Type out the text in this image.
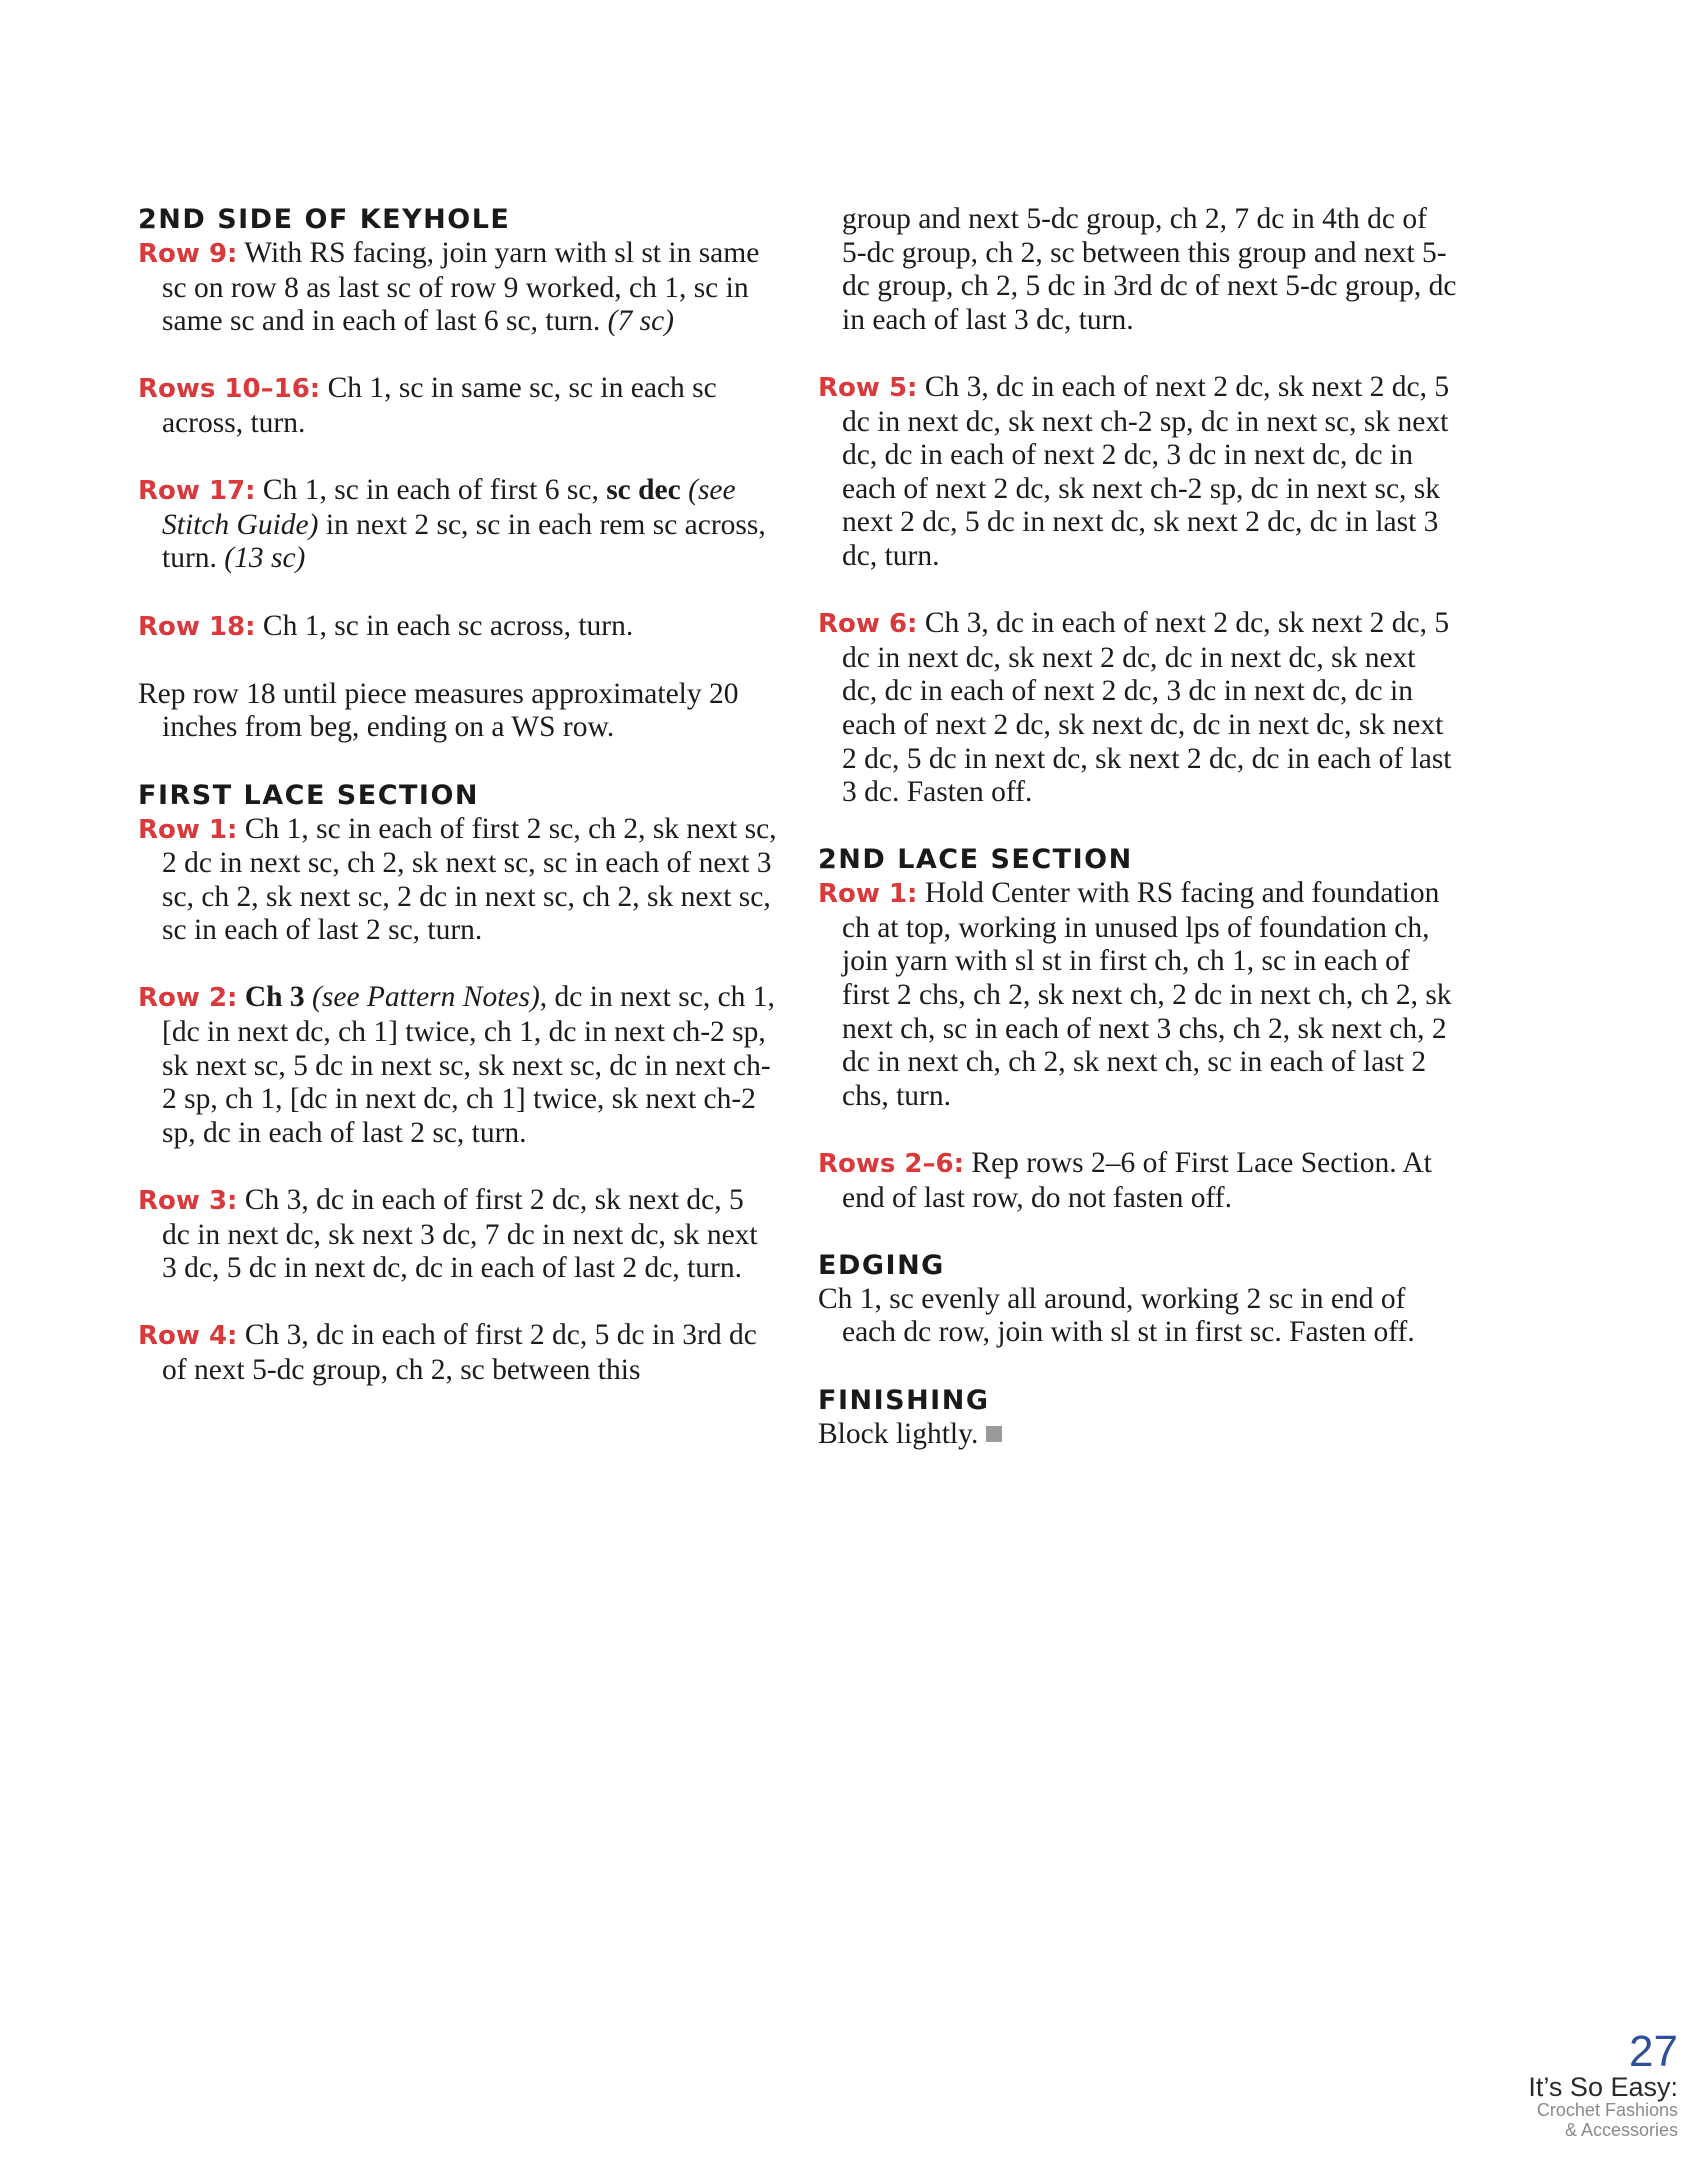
2ND SIDE OF KEYHOLE

Row 9: With RS facing, join yarn with sl st in same sc on row 8 as last sc of row 9 worked, ch 1, sc in same sc and in each of last 6 sc, turn. (7 sc)

Rows 10–16: Ch 1, sc in same sc, sc in each sc across, turn.

Row 17: Ch 1, sc in each of first 6 sc, sc dec (see Stitch Guide) in next 2 sc, sc in each rem sc across, turn. (13 sc)

Row 18: Ch 1, sc in each sc across, turn.

Rep row 18 until piece measures approximately 20 inches from beg, ending on a WS row.

FIRST LACE SECTION

Row 1: Ch 1, sc in each of first 2 sc, ch 2, sk next sc, 2 dc in next sc, ch 2, sk next sc, sc in each of next 3 sc, ch 2, sk next sc, 2 dc in next sc, ch 2, sk next sc, sc in each of last 2 sc, turn.

Row 2: Ch 3 (see Pattern Notes), dc in next sc, ch 1, [dc in next dc, ch 1] twice, ch 1, dc in next ch-2 sp, sk next sc, 5 dc in next sc, sk next sc, dc in next ch-2 sp, ch 1, [dc in next dc, ch 1] twice, sk next ch-2 sp, dc in each of last 2 sc, turn.

Row 3: Ch 3, dc in each of first 2 dc, sk next dc, 5 dc in next dc, sk next 3 dc, 7 dc in next dc, sk next 3 dc, 5 dc in next dc, dc in each of last 2 dc, turn.

Row 4: Ch 3, dc in each of first 2 dc, 5 dc in 3rd dc of next 5-dc group, ch 2, sc between this

group and next 5-dc group, ch 2, 7 dc in 4th dc of 5-dc group, ch 2, sc between this group and next 5-dc group, ch 2, 5 dc in 3rd dc of next 5-dc group, dc in each of last 3 dc, turn.

Row 5: Ch 3, dc in each of next 2 dc, sk next 2 dc, 5 dc in next dc, sk next ch-2 sp, dc in next sc, sk next dc, dc in each of next 2 dc, 3 dc in next dc, dc in each of next 2 dc, sk next ch-2 sp, dc in next sc, sk next 2 dc, 5 dc in next dc, sk next 2 dc, dc in last 3 dc, turn.

Row 6: Ch 3, dc in each of next 2 dc, sk next 2 dc, 5 dc in next dc, sk next 2 dc, dc in next dc, sk next dc, dc in each of next 2 dc, 3 dc in next dc, dc in each of next 2 dc, sk next dc, dc in next dc, sk next 2 dc, 5 dc in next dc, sk next 2 dc, dc in each of last 3 dc. Fasten off.

2ND LACE SECTION

Row 1: Hold Center with RS facing and foundation ch at top, working in unused lps of foundation ch, join yarn with sl st in first ch, ch 1, sc in each of first 2 chs, ch 2, sk next ch, 2 dc in next ch, ch 2, sk next ch, sc in each of next 3 chs, ch 2, sk next ch, 2 dc in next ch, ch 2, sk next ch, sc in each of last 2 chs, turn.

Rows 2–6: Rep rows 2–6 of First Lace Section. At end of last row, do not fasten off.

EDGING

Ch 1, sc evenly all around, working 2 sc in end of each dc row, join with sl st in first sc. Fasten off.

FINISHING

Block lightly.

27
It’s So Easy:
Crochet Fashions
& Accessories
